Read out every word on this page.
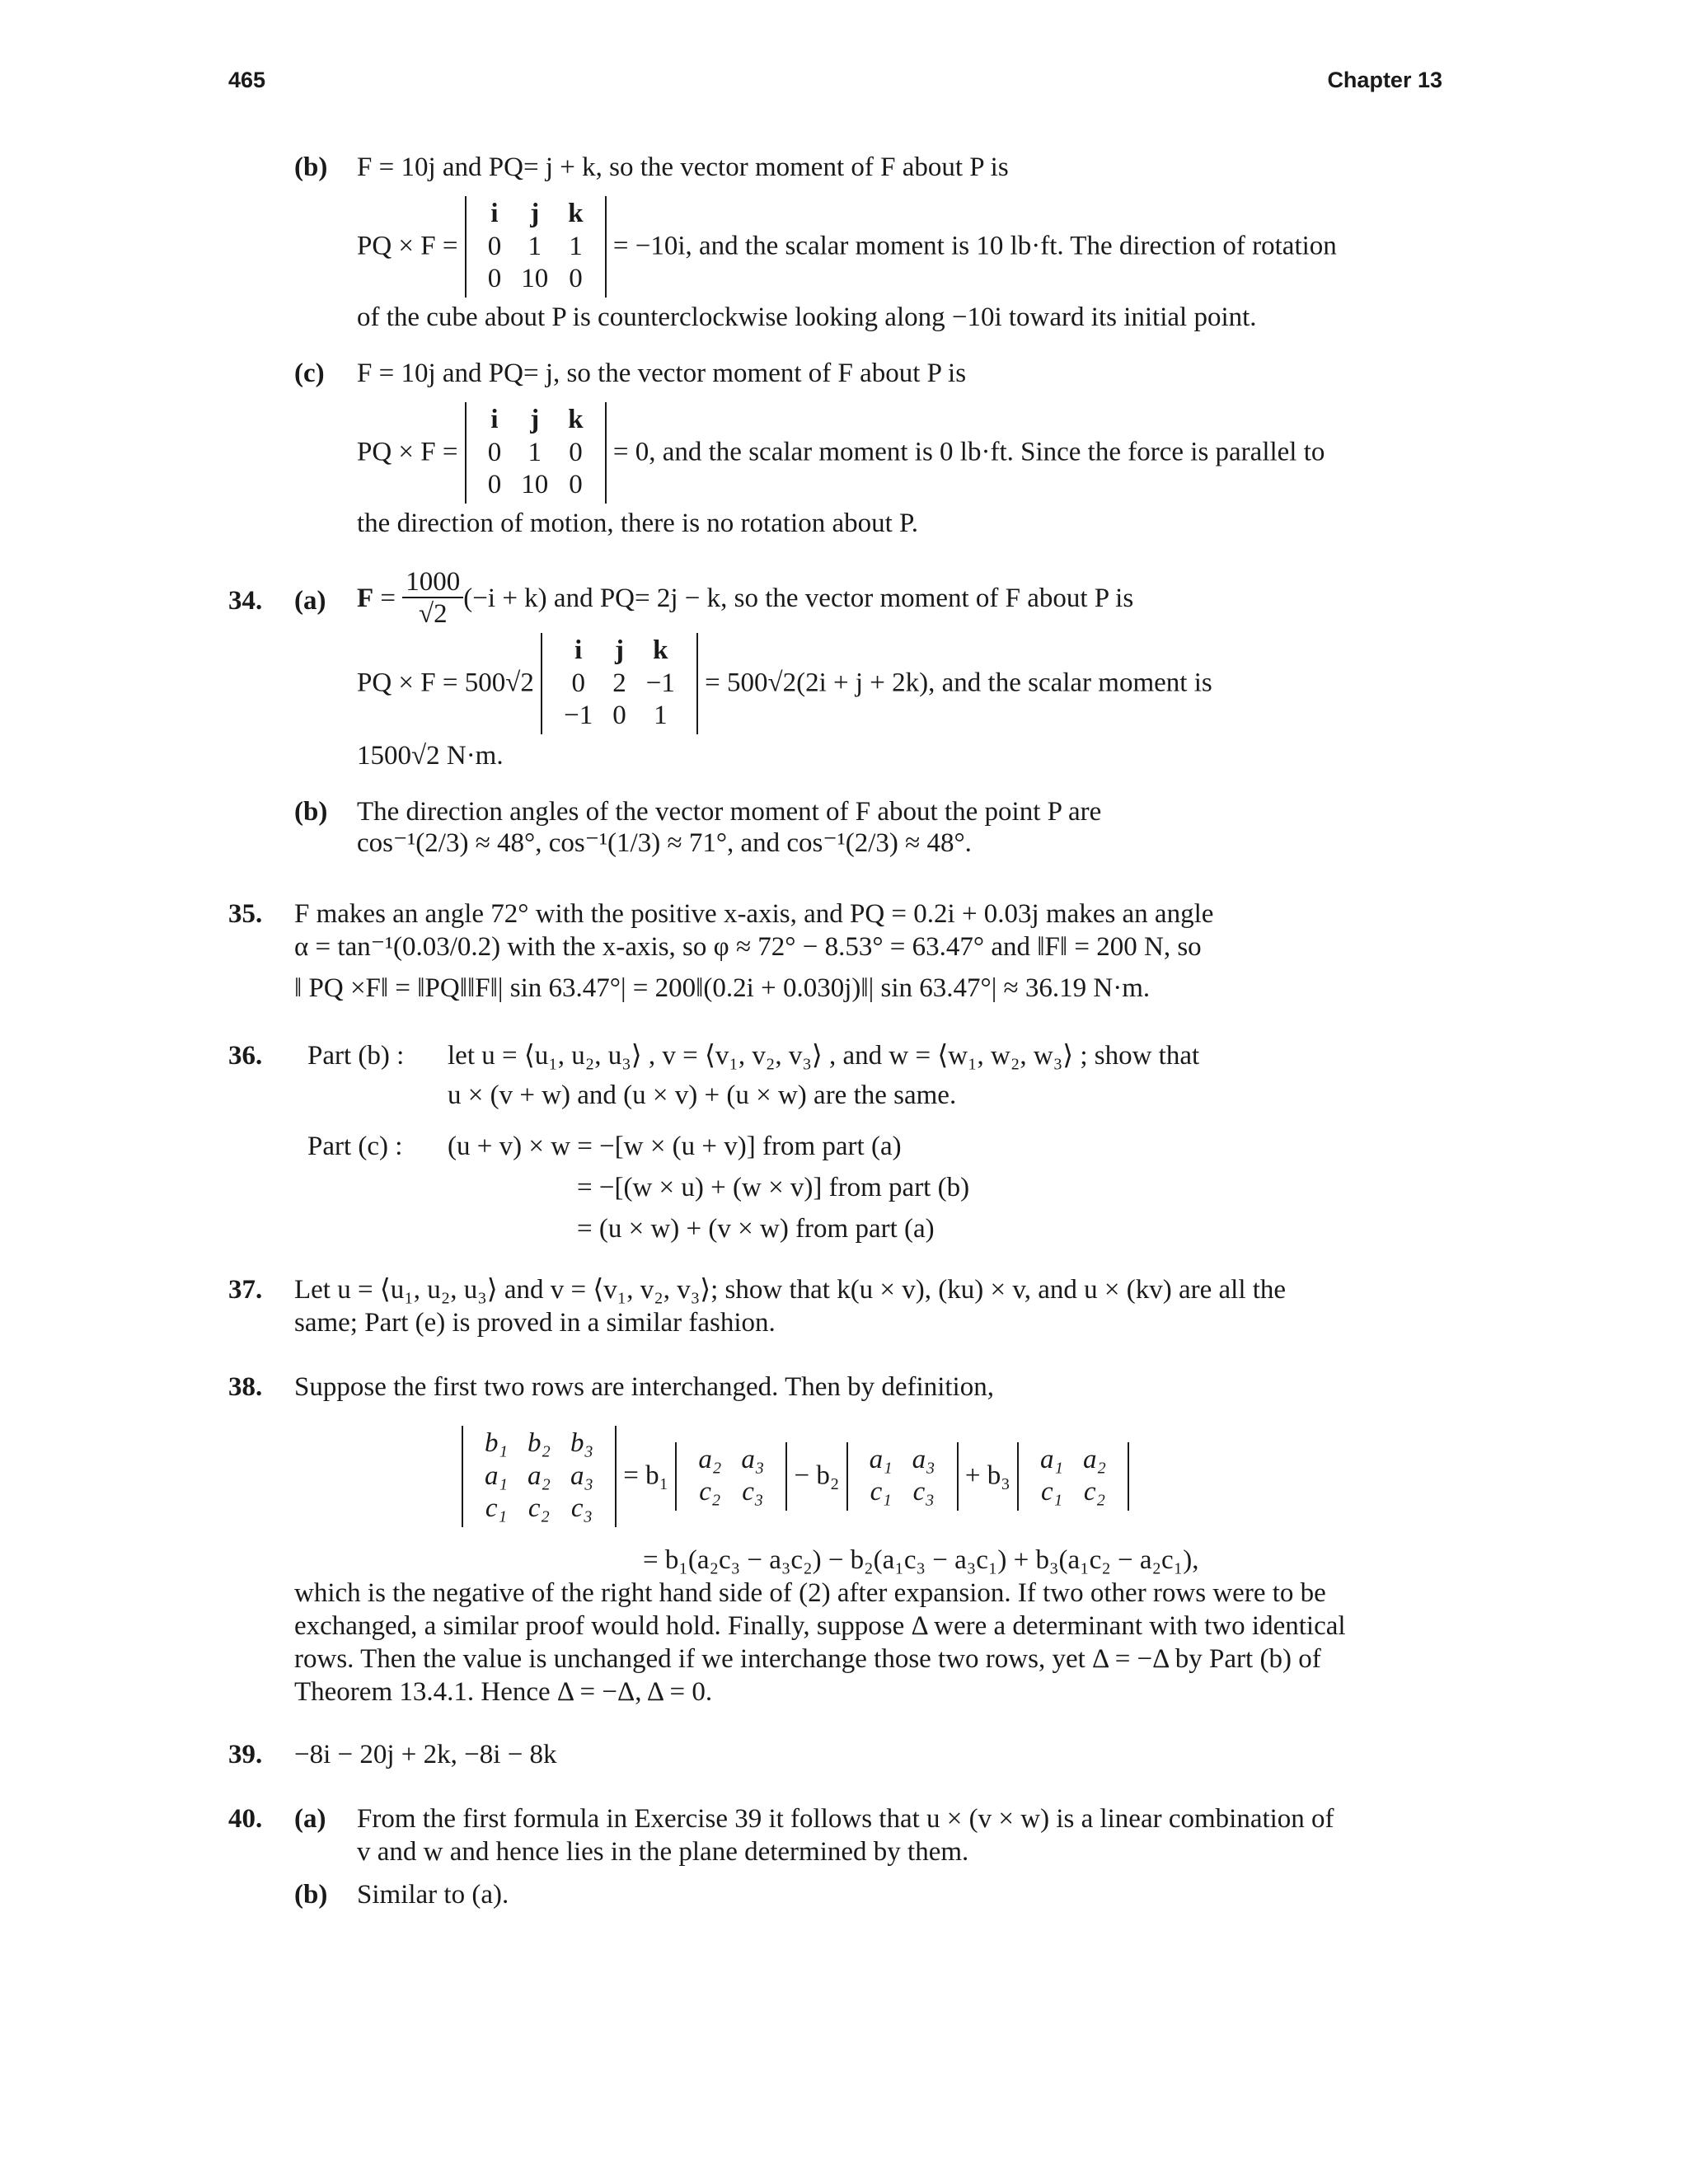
465	Chapter 13
(b) F = 10j and PQ= j + k, so the vector moment of F about P is
PQ × F =
i	j	k
0	1	1
0	10	0
= −10i, and the scalar moment is 10 lb·ft. The direction of rotation
of the cube about P is counterclockwise looking along −10i toward its initial point.
(c) F = 10j and PQ= j, so the vector moment of F about P is
PQ × F =
i	j	k
0	1	0
0	10	0
= 0, and the scalar moment is 0 lb·ft. Since the force is parallel to
the direction of motion, there is no rotation about P.
34. (a) $F = \frac{1000}{√2} (-i + k)$ and PQ= 2j − k, so the vector moment of F about P is
PQ × F = 500√2
i	j	k
0	2	−1
−1	0	1
= 500√2(2i + j + 2k), and the scalar moment is
1500√2 N·m.
(b) The direction angles of the vector moment of F about the point P are
cos⁻¹(2/3) ≈ 48°, cos⁻¹(1/3) ≈ 71°, and cos⁻¹(2/3) ≈ 48°.
35. F makes an angle 72° with the positive x-axis, and PQ = 0.2i + 0.03j makes an angle
α = tan⁻¹(0.03/0.2) with the x-axis, so φ ≈ 72° − 8.53° = 63.47° and ‖F‖ = 200 N, so
‖ PQ ×F‖ = ‖PQ‖‖F‖| sin 63.47°| = 200‖(0.2i + 0.030j)‖| sin 63.47°| ≈ 36.19 N·m.
36. Part (b) : let u = ⟨u₁, u₂, u₃⟩ , v = ⟨v₁, v₂, v₃⟩ , and w = ⟨w₁, w₂, w₃⟩ ; show that
u × (v + w) and (u × v) + (u × w) are the same.
Part (c) : (u + v) × w = −[w × (u + v)] from part (a)
= −[(w × u) + (w × v)] from part (b)
= (u × w) + (v × w) from part (a)
37. Let u = ⟨u₁, u₂, u₃⟩ and v = ⟨v₁, v₂, v₃⟩; show that k(u × v), (ku) × v, and u × (kv) are all the
same; Part (e) is proved in a similar fashion.
38. Suppose the first two rows are interchanged. Then by definition,
b₁	b₂	b₃
a₁	a₂	a₃
c₁	c₂	c₃
= b₁
a₂	a₃
c₂	c₃
− b₂
a₁	a₃
c₁	c₃
+ b₃
a₁	a₂
c₁	c₂
= b₁(a₂c₃ − a₃c₂) − b₂(a₁c₃ − a₃c₁) + b₃(a₁c₂ − a₂c₁),
which is the negative of the right hand side of (2) after expansion. If two other rows were to be
exchanged, a similar proof would hold. Finally, suppose Δ were a determinant with two identical
rows. Then the value is unchanged if we interchange those two rows, yet Δ = −Δ by Part (b) of
Theorem 13.4.1. Hence Δ = −Δ, Δ = 0.
39. −8i − 20j + 2k, −8i − 8k
40. (a) From the first formula in Exercise 39 it follows that u × (v × w) is a linear combination of
v and w and hence lies in the plane determined by them.
(b) Similar to (a).
